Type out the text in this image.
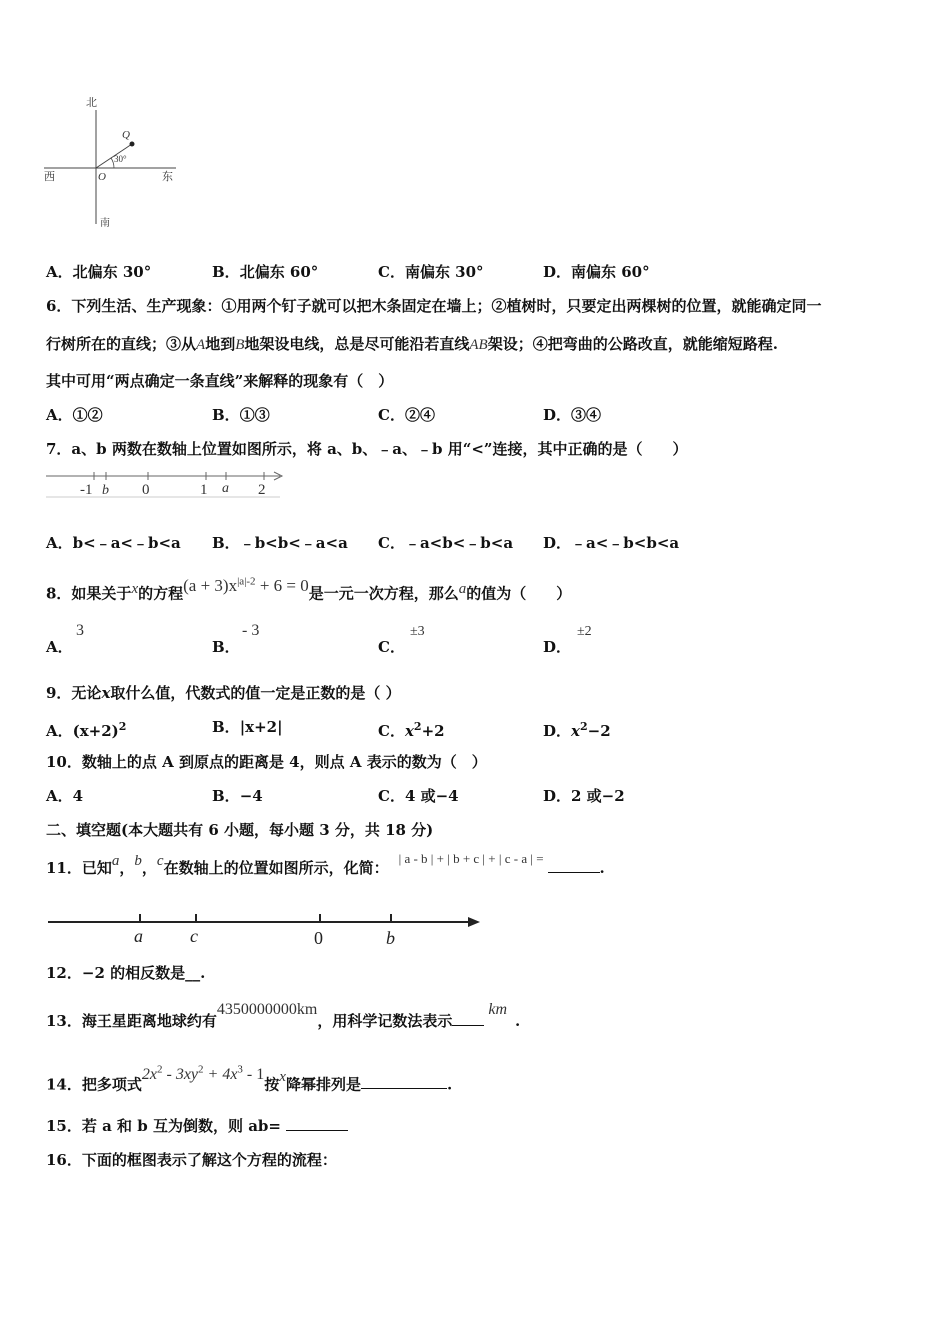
北
西	东
南
O
Q
30°
A．北偏东 30°	B．北偏东 60°	C．南偏东 30°	D．南偏东 60°
6．下列生活、生产现象：①用两个钉子就可以把木条固定在墙上；②植树时，只要定出两棵树的位置，就能确定同一
行树所在的直线；③从A地到B地架设电线，总是尽可能沿若直线AB架设；④把弯曲的公路改直，就能缩短路程.
其中可用“两点确定一条直线”来解释的现象有（　）
A．①②	B．①③	C．②④	D．③④
7．a、b 两数在数轴上位置如图所示，将 a、b、﹣a、﹣b 用“<”连接，其中正确的是（　　）
-1 b 0	1 a 2
A．b<﹣a<﹣b<a B．﹣b<b<﹣a<a C．﹣a<b<﹣b<a D．﹣a<﹣b<b<a
8．如果关于x的方程$(a + 3)x^{|a|-2} + 6 = 0$是一元一次方程，那么a的值为（　　）
A．
3
B．
- 3
C．
±3
D．
±2
9．无论x取什么值，代数式的值一定是正数的是（ ）
A．$(x+2)^2$	B．|x+2|	C．$x^2+2$	D．$x^2-2$
10．数轴上的点 A 到原点的距离是 4，则点 A 表示的数为（　）
A．4	B．−4	C．4 或−4	D．2 或−2
二、填空题(本大题共有 6 小题，每小题 3 分，共 18 分)
11．已知a，b，c在数轴上的位置如图所示，化简：| a - b | + | b + c | + | c - a | =.
a	c	0	b
12．−2 的相反数是__.
13．海王星距离地球约有4350000000km，用科学记数法表示km.
14．把多项式$2x^2 - 3xy^2 + 4x^3 - 1$按x降幂排列是	.
15．若 a 和 b 互为倒数，则 ab=
16．下面的框图表示了解这个方程的流程：
